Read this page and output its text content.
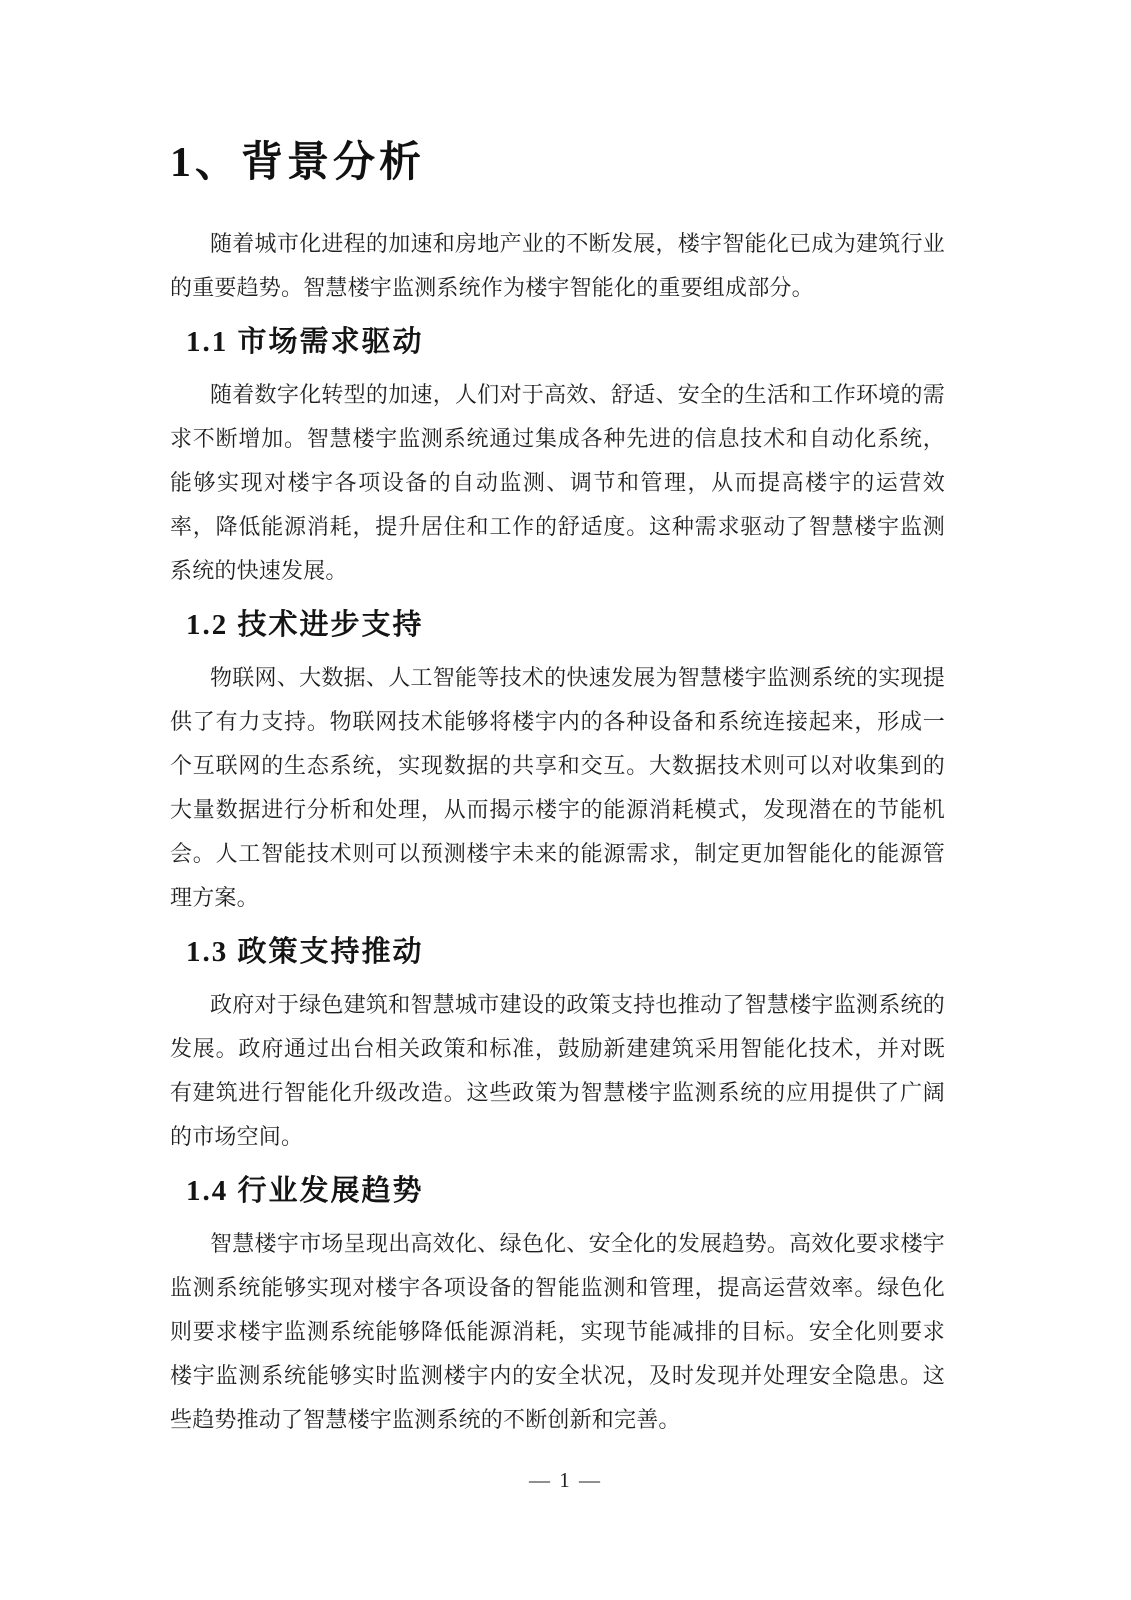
1、背景分析

随着城市化进程的加速和房地产业的不断发展，楼宇智能化已成为建筑行业的重要趋势。智慧楼宇监测系统作为楼宇智能化的重要组成部分。

1.1 市场需求驱动

随着数字化转型的加速，人们对于高效、舒适、安全的生活和工作环境的需求不断增加。智慧楼宇监测系统通过集成各种先进的信息技术和自动化系统，能够实现对楼宇各项设备的自动监测、调节和管理，从而提高楼宇的运营效率，降低能源消耗，提升居住和工作的舒适度。这种需求驱动了智慧楼宇监测系统的快速发展。

1.2 技术进步支持

物联网、大数据、人工智能等技术的快速发展为智慧楼宇监测系统的实现提供了有力支持。物联网技术能够将楼宇内的各种设备和系统连接起来，形成一个互联网的生态系统，实现数据的共享和交互。大数据技术则可以对收集到的大量数据进行分析和处理，从而揭示楼宇的能源消耗模式，发现潜在的节能机会。人工智能技术则可以预测楼宇未来的能源需求，制定更加智能化的能源管理方案。

1.3 政策支持推动

政府对于绿色建筑和智慧城市建设的政策支持也推动了智慧楼宇监测系统的发展。政府通过出台相关政策和标准，鼓励新建建筑采用智能化技术，并对既有建筑进行智能化升级改造。这些政策为智慧楼宇监测系统的应用提供了广阔的市场空间。

1.4 行业发展趋势

智慧楼宇市场呈现出高效化、绿色化、安全化的发展趋势。高效化要求楼宇监测系统能够实现对楼宇各项设备的智能监测和管理，提高运营效率。绿色化则要求楼宇监测系统能够降低能源消耗，实现节能减排的目标。安全化则要求楼宇监测系统能够实时监测楼宇内的安全状况，及时发现并处理安全隐患。这些趋势推动了智慧楼宇监测系统的不断创新和完善。

— 1 —
